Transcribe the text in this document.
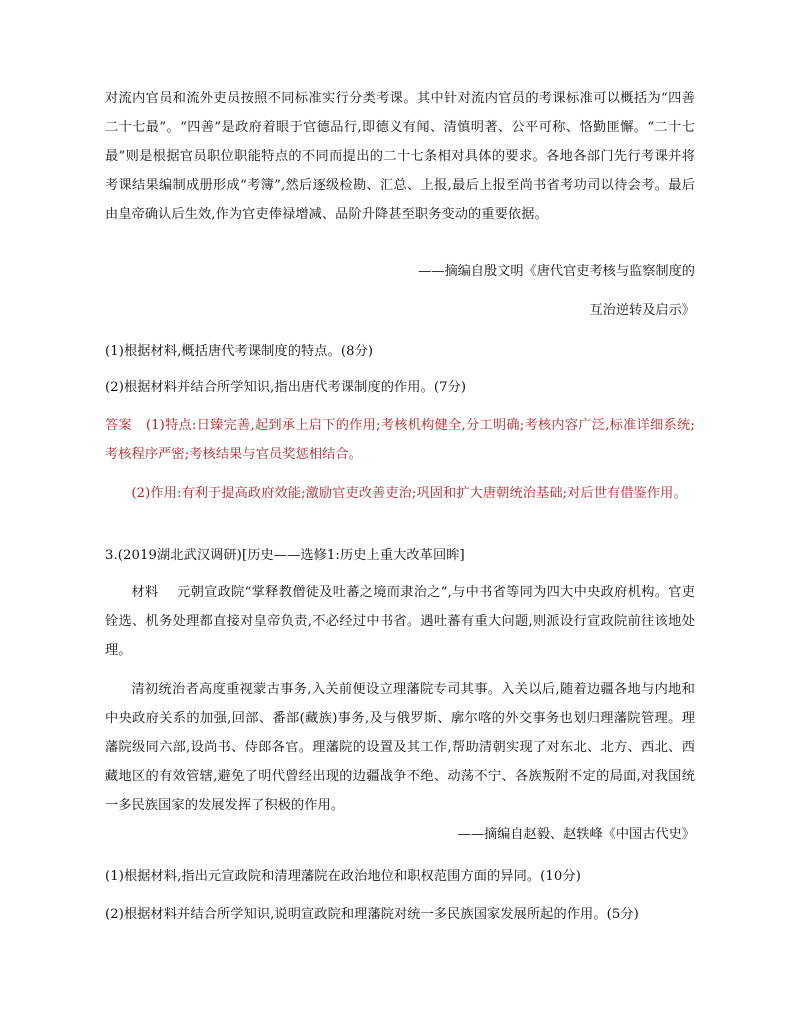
对流内官员和流外吏员按照不同标准实行分类考课。其中针对流内官员的考课标准可以概括为“四善二十七最”。“四善”是政府着眼于官德品行,即德义有闻、清慎明著、公平可称、恪勤匪懈。“二十七最”则是根据官员职位职能特点的不同而提出的二十七条相对具体的要求。各地各部门先行考课并将考课结果编制成册形成“考簿”,然后逐级检勘、汇总、上报,最后上报至尚书省考功司以待会考。最后由皇帝确认后生效,作为官吏俸禄增减、品阶升降甚至职务变动的重要依据。

——摘编自殷文明《唐代官吏考核与监察制度的

互治逆转及启示》

(1)根据材料,概括唐代考课制度的特点。(8分)

(2)根据材料并结合所学知识,指出唐代考课制度的作用。(7分)

答案 (1)特点:日臻完善,起到承上启下的作用;考核机构健全,分工明确;考核内容广泛,标准详细系统;考核程序严密;考核结果与官员奖惩相结合。

(2)作用:有利于提高政府效能;激励官吏改善吏治;巩固和扩大唐朝统治基础;对后世有借鉴作用。

3.(2019湖北武汉调研)[历史——选修1:历史上重大改革回眸]

材料 元朝宣政院“掌释教僧徒及吐蕃之境而隶治之”,与中书省等同为四大中央政府机构。官吏铨选、机务处理都直接对皇帝负责,不必经过中书省。遇吐蕃有重大问题,则派设行宣政院前往该地处理。

清初统治者高度重视蒙古事务,入关前便设立理藩院专司其事。入关以后,随着边疆各地与内地和中央政府关系的加强,回部、番部(藏族)事务,及与俄罗斯、廓尔喀的外交事务也划归理藩院管理。理藩院级同六部,设尚书、侍郎各官。理藩院的设置及其工作,帮助清朝实现了对东北、北方、西北、西藏地区的有效管辖,避免了明代曾经出现的边疆战争不绝、动荡不宁、各族叛附不定的局面,对我国统一多民族国家的发展发挥了积极的作用。

——摘编自赵毅、赵轶峰《中国古代史》

(1)根据材料,指出元宣政院和清理藩院在政治地位和职权范围方面的异同。(10分)

(2)根据材料并结合所学知识,说明宣政院和理藩院对统一多民族国家发展所起的作用。(5分)
